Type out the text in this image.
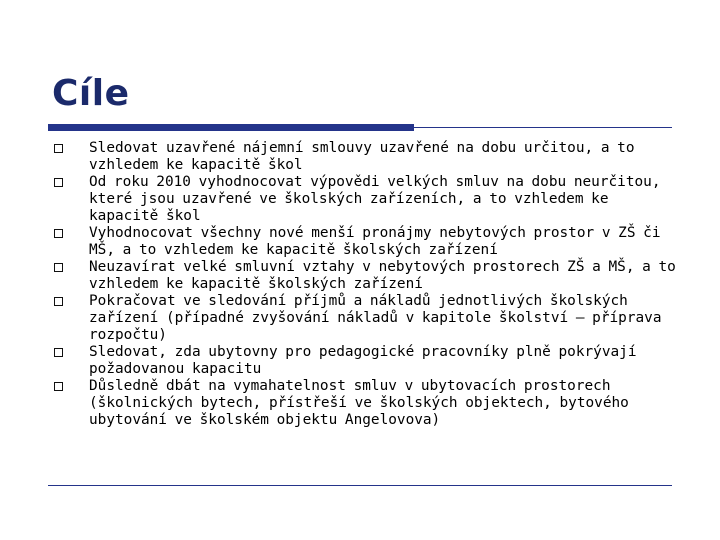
Cíle
Sledovat uzavřené nájemní smlouvy uzavřené na dobu určitou, a to vzhledem ke kapacitě škol
Od roku 2010 vyhodnocovat výpovědi velkých smluv na dobu neurčitou, které jsou uzavřené ve školských zařízeních, a to vzhledem ke kapacitě škol
Vyhodnocovat všechny nové menší pronájmy nebytových prostor v ZŠ či MŠ, a to vzhledem ke kapacitě školských zařízení
Neuzavírat velké smluvní vztahy v nebytových prostorech ZŠ a MŠ, a to vzhledem ke kapacitě školských zařízení
Pokračovat ve sledování příjmů a nákladů jednotlivých školských zařízení (případné zvyšování nákladů v kapitole školství – příprava rozpočtu)
Sledovat, zda ubytovny pro pedagogické pracovníky plně pokrývají požadovanou kapacitu
Důsledně dbát na vymahatelnost smluv v ubytovacích prostorech (školnických bytech, přístřeší ve školských objektech, bytového ubytování ve školském objektu Angelovova)
